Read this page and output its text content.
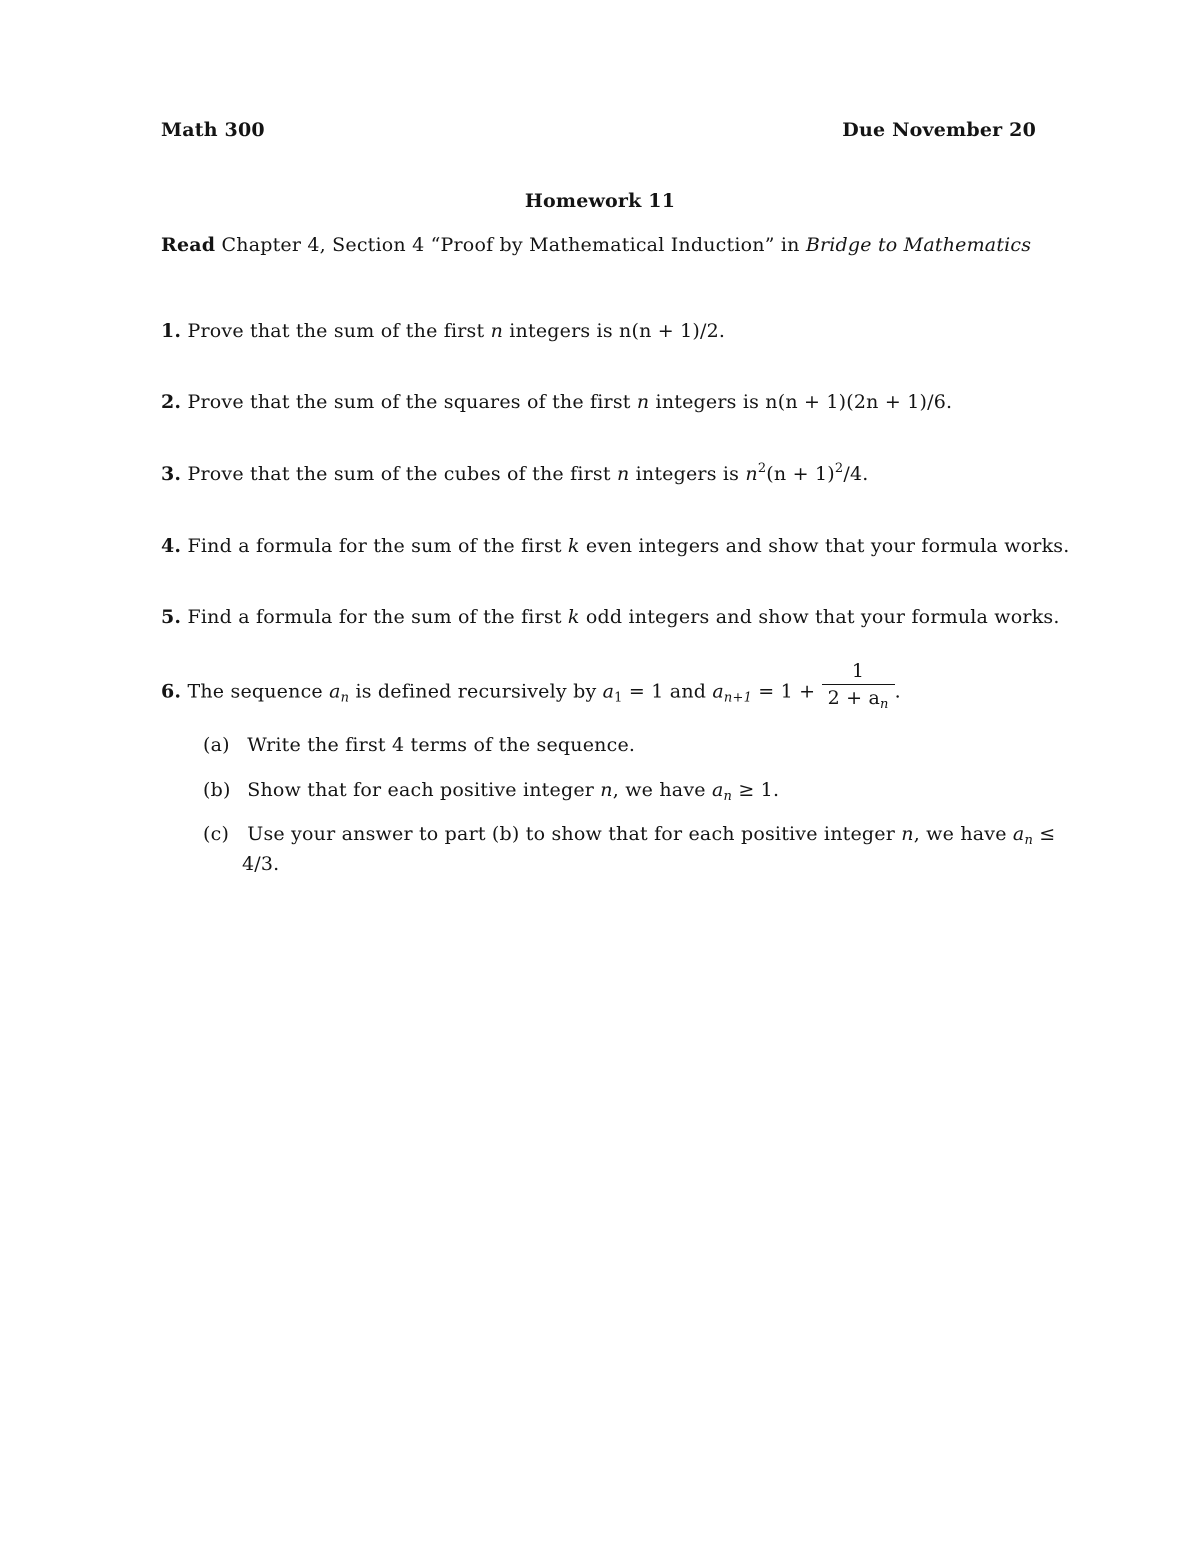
Math 300	Due November 20
Homework 11
Read Chapter 4, Section 4 “Proof by Mathematical Induction” in Bridge to Mathematics
1. Prove that the sum of the first n integers is n(n + 1)/2.
2. Prove that the sum of the squares of the first n integers is n(n + 1)(2n + 1)/6.
3. Prove that the sum of the cubes of the first n integers is $n^2(n + 1)^2/4$.
4. Find a formula for the sum of the first k even integers and show that your formula works.
5. Find a formula for the sum of the first k odd integers and show that your formula works.
6. The sequence $a_n$ is defined recursively by $a_1 = 1$ and $a_{n+1} = 1 + \frac{1}{2 + a_n}$ .
(a) Write the first 4 terms of the sequence.
(b) Show that for each positive integer n, we have $a_n \ge 1$.
(c) Use your answer to part (b) to show that for each positive integer n, we have $a_n$ ≤
4/3.
